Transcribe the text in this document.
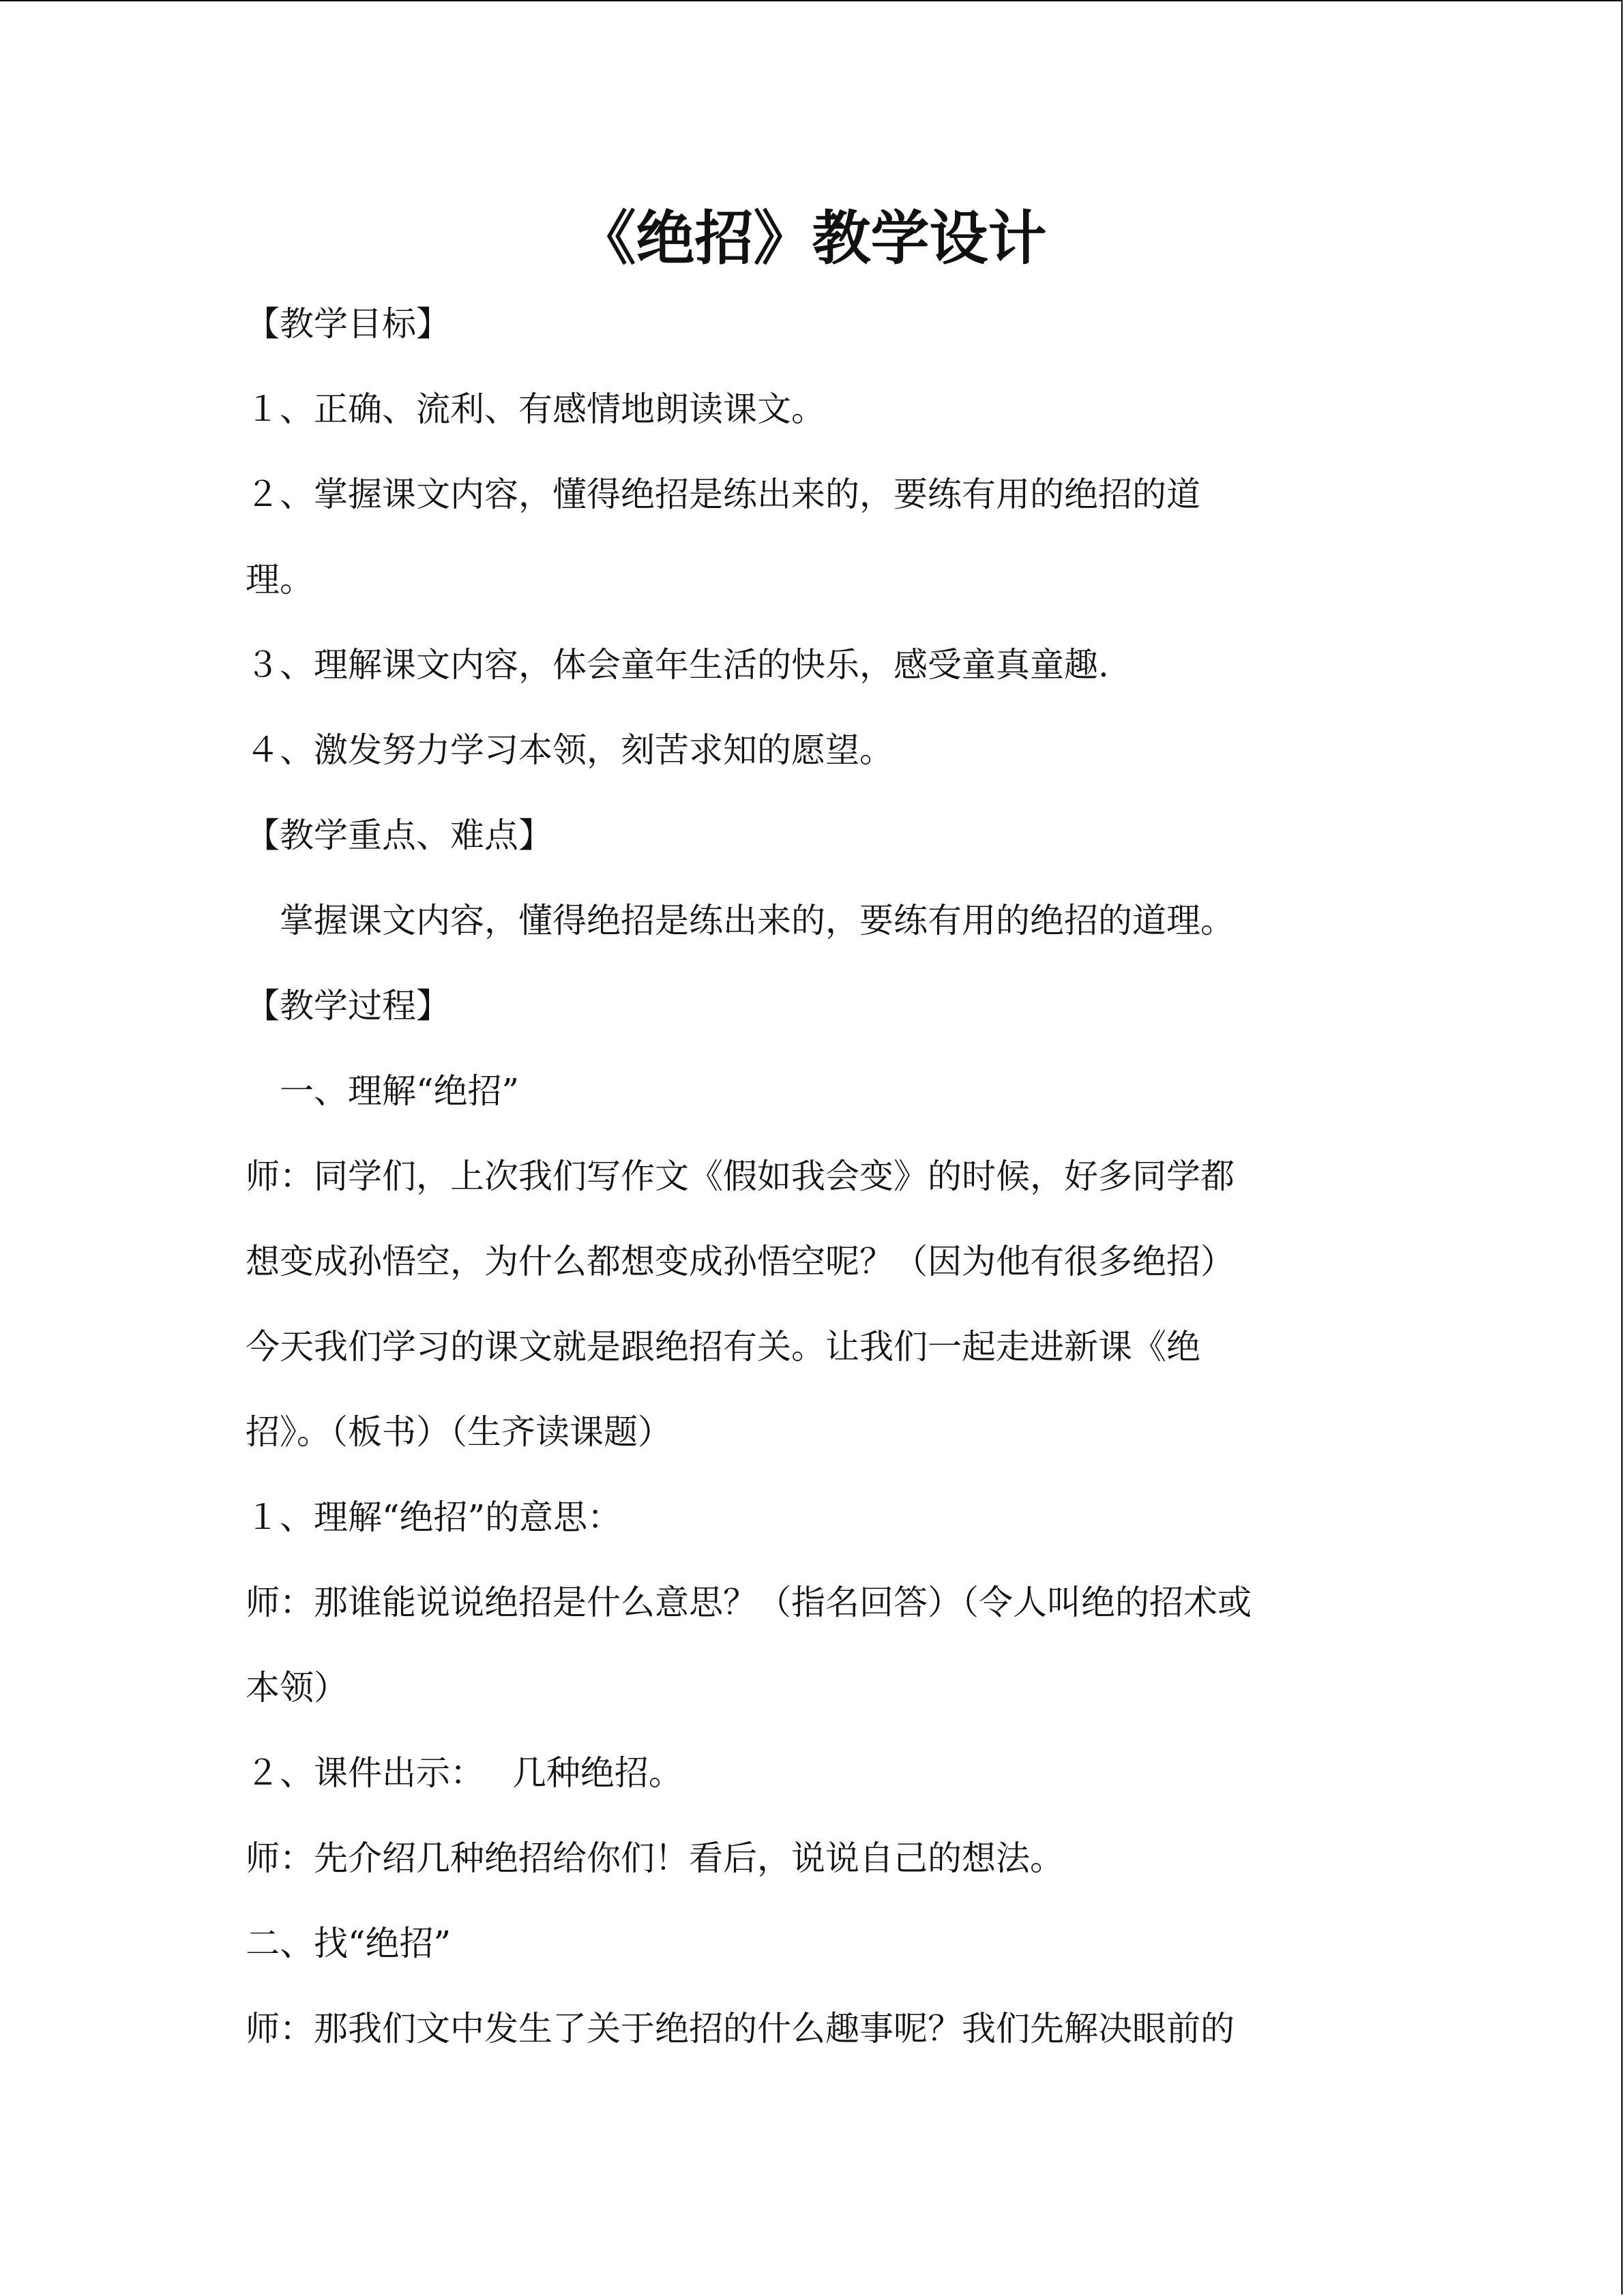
《绝招》教学设计

【教学目标】

１、正确、流利、有感情地朗读课文。

２、掌握课文内容，懂得绝招是练出来的，要练有用的绝招的道

理。

３、理解课文内容，体会童年生活的快乐，感受童真童趣.

４、激发努力学习本领，刻苦求知的愿望。

【教学重点、难点】

　掌握课文内容，懂得绝招是练出来的，要练有用的绝招的道理。

【教学过程】

　一、理解“绝招”

师：同学们，上次我们写作文《假如我会变》的时候，好多同学都

想变成孙悟空，为什么都想变成孙悟空呢？（因为他有很多绝招）

今天我们学习的课文就是跟绝招有关。让我们一起走进新课《绝

招》。（板书）（生齐读课题）

１、理解“绝招”的意思：

师：那谁能说说绝招是什么意思？（指名回答）（令人叫绝的招术或

本领）

２、课件出示：　 几种绝招。

师：先介绍几种绝招给你们！看后，说说自己的想法。

二、找“绝招”

师：那我们文中发生了关于绝招的什么趣事呢？我们先解决眼前的
